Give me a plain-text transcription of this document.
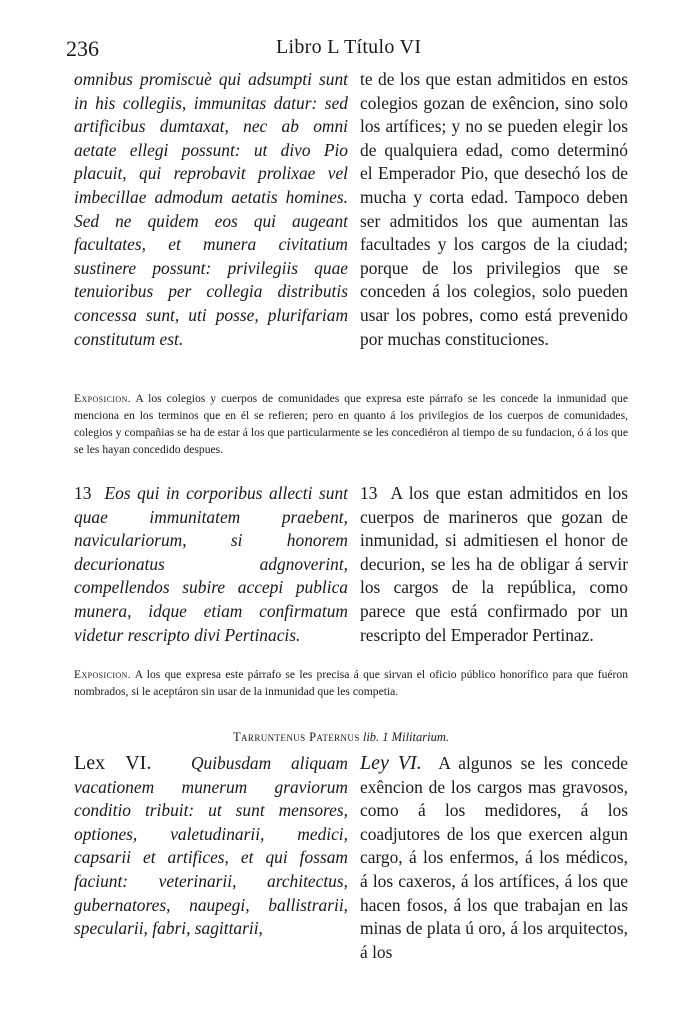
236	Libro L Título VI

omnibus promiscuè qui adsumpti sunt in his collegiis, immunitas datur: sed artificibus dumtaxat, nec ab omni aetate ellegi possunt: ut divo Pio placuit, qui reprobavit prolixae vel imbecillae admodum aetatis homines. Sed ne quidem eos qui augeant facultates, et munera civitatium sustinere possunt: privilegiis quae tenuioribus per collegia distributis concessa sunt, uti posse, plurifariam constitutum est.

te de los que estan admitidos en estos colegios gozan de exêncion, sino solo los artífices; y no se pueden elegir los de qualquiera edad, como determinó el Emperador Pio, que desechó los de mucha y corta edad. Tampoco deben ser admitidos los que aumentan las facultades y los cargos de la ciudad; porque de los privilegios que se conceden á los colegios, solo pueden usar los pobres, como está prevenido por muchas constituciones.

Exposicion. A los colegios y cuerpos de comunidades que expresa este párrafo se les concede la inmunidad que menciona en los terminos que en él se refieren; pero en quanto á los privilegios de los cuerpos de comunidades, colegios y compañias se ha de estar á los que particularmente se les concediéron al tiempo de su fundacion, ó á los que se les hayan concedido despues.

13 Eos qui in corporibus allecti sunt quae immunitatem praebent, naviculariorum, si honorem decurionatus adgnoverint, compellendos subire accepi publica munera, idque etiam confirmatum videtur rescripto divi Pertinacis.

13 A los que estan admitidos en los cuerpos de marineros que gozan de inmunidad, si admitiesen el honor de decurion, se les ha de obligar á servir los cargos de la república, como parece que está confirmado por un rescripto del Emperador Pertinaz.

Exposicion. A los que expresa este párrafo se les precisa á que sirvan el oficio público honorífico para que fuéron nombrados, si le aceptáron sin usar de la inmunidad que les competia.

Tarruntenus Paternus lib. 1 Militarium.

Lex VI. Quibusdam aliquam vacationem munerum graviorum conditio tribuit: ut sunt mensores, optiones, valetudinarii, medici, capsarii et artifices, et qui fossam faciunt: veterinarii, architectus, gubernatores, naupegi, ballistrarii, specularii, fabri, sagittarii,

Ley VI. A algunos se les concede exêncion de los cargos mas gravosos, como á los medidores, á los coadjutores de los que exercen algun cargo, á los enfermos, á los médicos, á los caxeros, á los artífices, á los que hacen fosos, á los que trabajan en las minas de plata ú oro, á los arquitectos, á los
